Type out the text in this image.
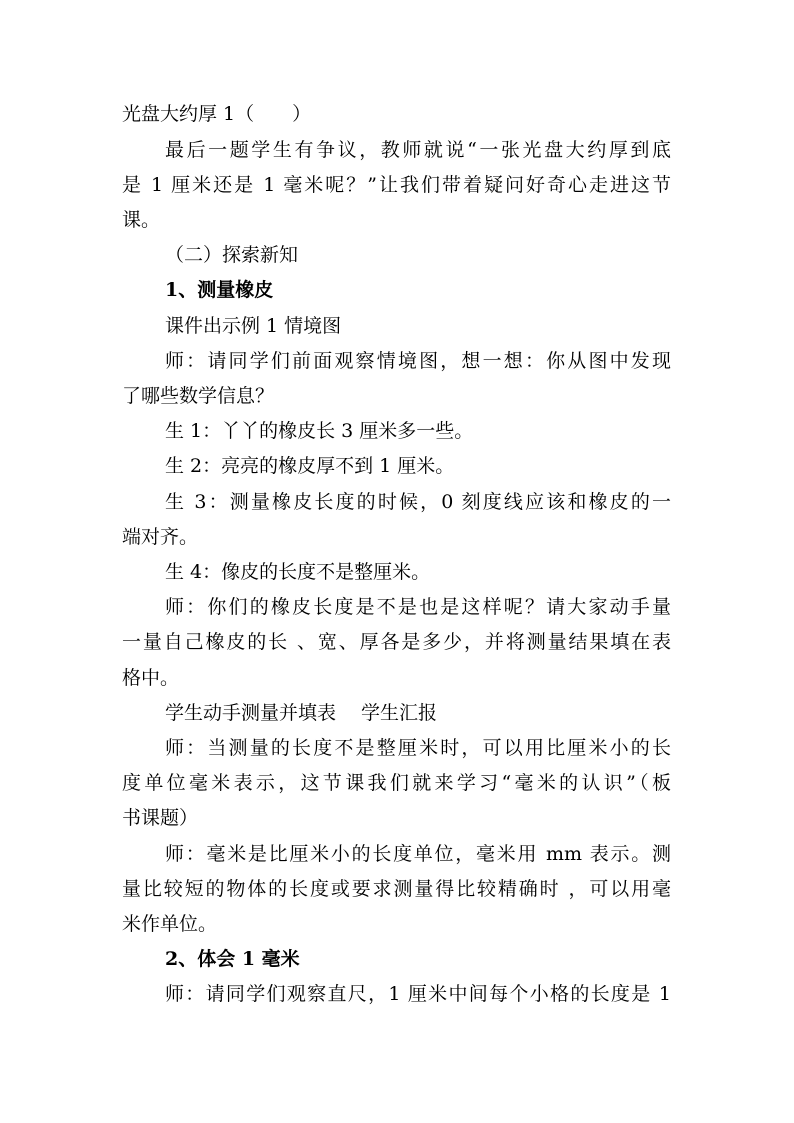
光盘大约厚 1（　　）
最后一题学生有争议，教师就说“一张光盘大约厚到底
是 1 厘米还是 1 毫米呢？”让我们带着疑问好奇心走进这节
课。
（二）探索新知
1、测量橡皮
课件出示例 1 情境图
师：请同学们前面观察情境图，想一想：你从图中发现
了哪些数学信息？
生 1：丫丫的橡皮长 3 厘米多一些。
生 2：亮亮的橡皮厚不到 1 厘米。
生 3：测量橡皮长度的时候，0 刻度线应该和橡皮的一
端对齐。
生 4：像皮的长度不是整厘米。
师：你们的橡皮长度是不是也是这样呢？请大家动手量
一量自己橡皮的长 、宽、厚各是多少，并将测量结果填在表
格中。
学生动手测量并填表　 学生汇报
师：当测量的长度不是整厘米时，可以用比厘米小的长
度单位毫米表示，这节课我们就来学习“毫米的认识”（板
书课题）
师：毫米是比厘米小的长度单位，毫米用 mm 表示。测
量比较短的物体的长度或要求测量得比较精确时 ，可以用毫
米作单位。
2、体会 1 毫米
师：请同学们观察直尺，1 厘米中间每个小格的长度是 1
